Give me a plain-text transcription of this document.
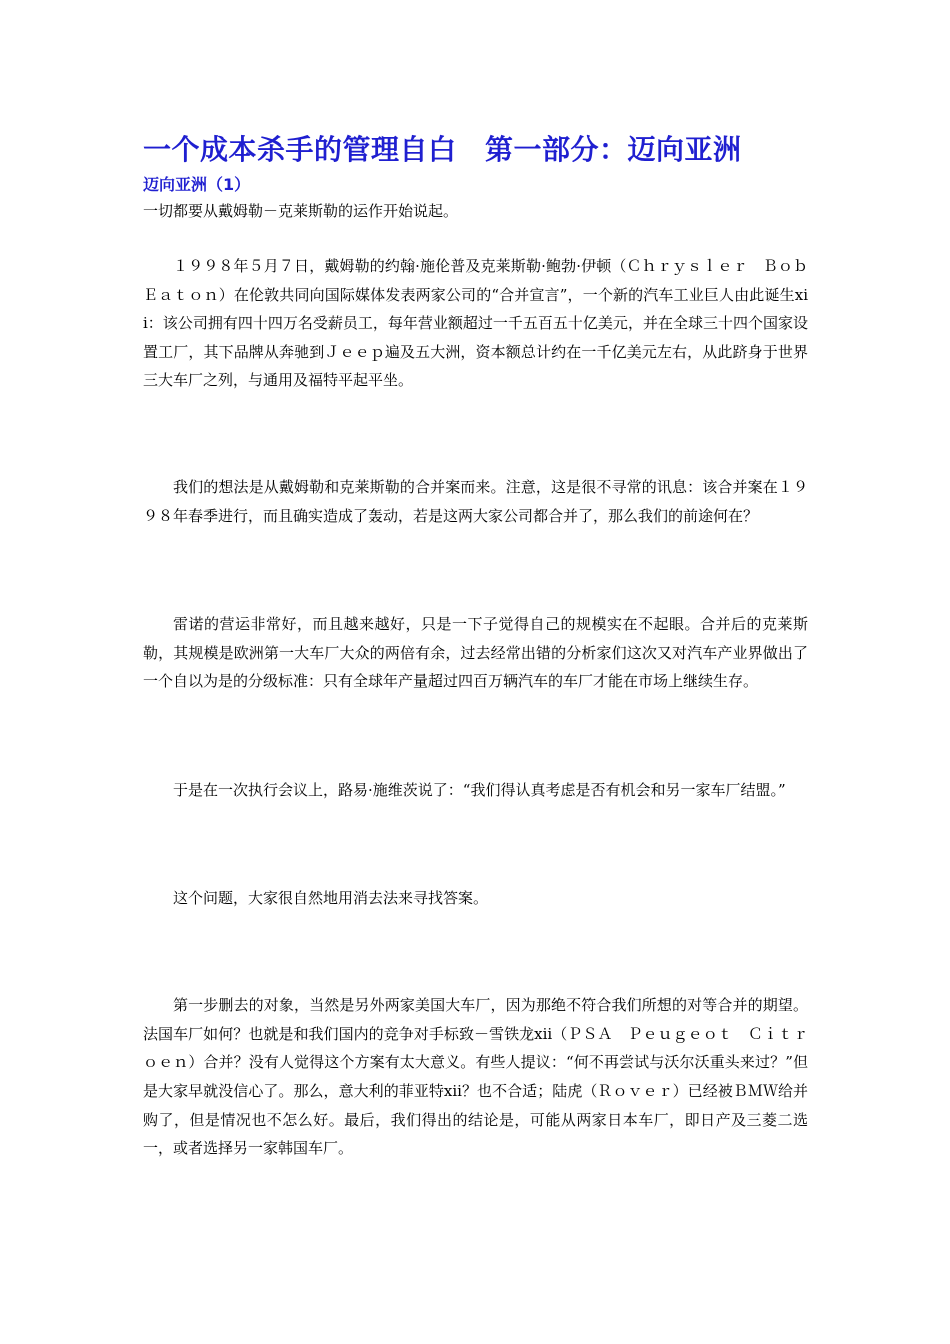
一个成本杀手的管理自白　第一部分：迈向亚洲
迈向亚洲（1）

一切都要从戴姆勒－克莱斯勒的运作开始说起。

１９９８年５月７日，戴姆勒的约翰·施伦普及克莱斯勒·鲍勃·伊顿（Ｃｈｒｙｓｌｅｒ　Ｂｏｂ　Ｅａｔｏｎ）在伦敦共同向国际媒体发表两家公司的“合并宣言”，一个新的汽车工业巨人由此诞生xii：该公司拥有四十四万名受薪员工，每年营业额超过一千五百五十亿美元，并在全球三十四个国家设置工厂，其下品牌从奔驰到Ｊｅｅｐ遍及五大洲，资本额总计约在一千亿美元左右，从此跻身于世界三大车厂之列，与通用及福特平起平坐。

我们的想法是从戴姆勒和克莱斯勒的合并案而来。注意，这是很不寻常的讯息：该合并案在１９９８年春季进行，而且确实造成了轰动，若是这两大家公司都合并了，那么我们的前途何在？

雷诺的营运非常好，而且越来越好，只是一下子觉得自己的规模实在不起眼。合并后的克莱斯勒，其规模是欧洲第一大车厂大众的两倍有余，过去经常出错的分析家们这次又对汽车产业界做出了一个自以为是的分级标准：只有全球年产量超过四百万辆汽车的车厂才能在市场上继续生存。

于是在一次执行会议上，路易·施维茨说了：“我们得认真考虑是否有机会和另一家车厂结盟。”

这个问题，大家很自然地用消去法来寻找答案。

第一步删去的对象，当然是另外两家美国大车厂，因为那绝不符合我们所想的对等合并的期望。法国车厂如何？也就是和我们国内的竞争对手标致－雪铁龙xii（ＰＳＡ　Ｐｅｕｇｅｏｔ　Ｃｉｔｒｏｅｎ）合并？没有人觉得这个方案有太大意义。有些人提议：“何不再尝试与沃尔沃重头来过？”但是大家早就没信心了。那么，意大利的菲亚特xii？也不合适；陆虎（Ｒｏｖｅｒ）已经被ＢＭＷ给并购了，但是情况也不怎么好。最后，我们得出的结论是，可能从两家日本车厂，即日产及三菱二选一，或者选择另一家韩国车厂。
